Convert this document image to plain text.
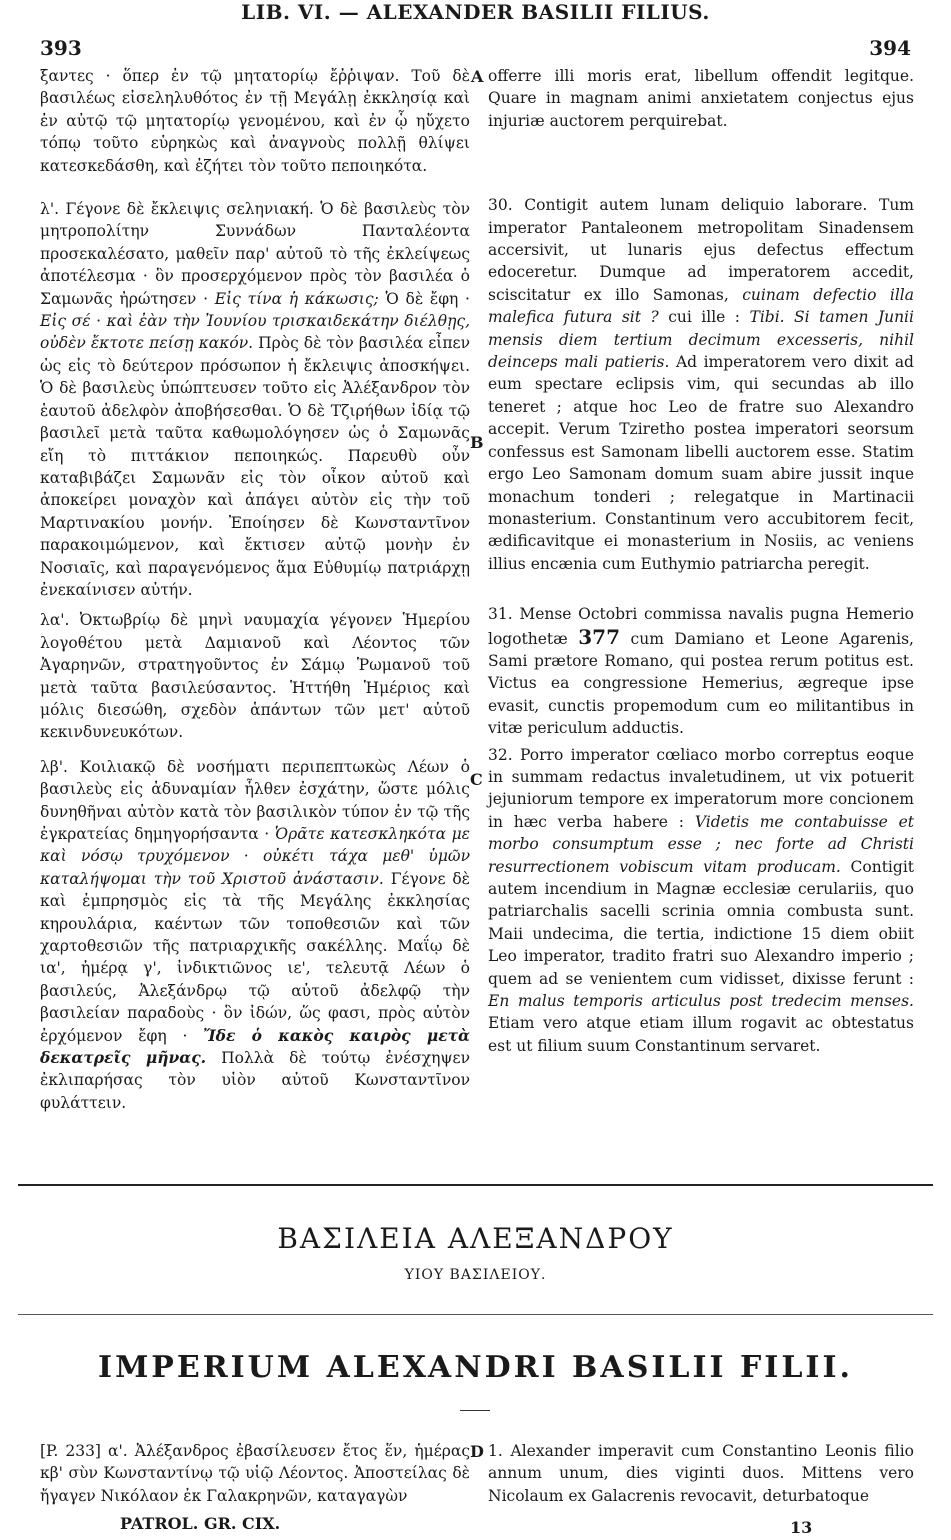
393
LIB. VI. — ALEXANDER BASILII FILIUS.
394

ξαντες · ὅπερ ἐν τῷ μητατορίῳ ἔῤῥιψαν. Τοῦ δὲ βασιλέως εἰσεληλυθότος ἐν τῇ Μεγάλῃ ἐκκλησίᾳ καὶ ἐν αὐτῷ τῷ μητατορίῳ γενομένου, καὶ ἐν ᾧ ηὔχετο τόπῳ τοῦτο εὑρηκὼς καὶ ἀναγνοὺς πολλῇ θλίψει κατεσκεδάσθη, καὶ ἐζήτει τὸν τοῦτο πεποιηκότα.

λ'. Γέγονε δὲ ἔκλειψις σεληνιακή. Ὁ δὲ βασιλεὺς τὸν μητροπολίτην Συννάδων Πανταλέοντα προσεκαλέσατο, μαθεῖν παρ' αὐτοῦ τὸ τῆς ἐκλείψεως ἀποτέλεσμα · ὃν προσερχόμενον πρὸς τὸν βασιλέα ὁ Σαμωνᾶς ἠρώτησεν · Εἰς τίνα ἡ κάκωσις; Ὁ δὲ ἔφη · Εἰς σέ · καὶ ἐὰν τὴν Ἰουνίου τρισκαιδεκάτην διέλθῃς, οὐδὲν ἔκτοτε πείσῃ κακόν. Πρὸς δὲ τὸν βασιλέα εἶπεν ὡς εἰς τὸ δεύτερον πρόσωπον ἡ ἔκλειψις ἀποσκήψει. Ὁ δὲ βασιλεὺς ὑπώπτευσεν τοῦτο εἰς Ἀλέξανδρον τὸν ἑαυτοῦ ἀδελφὸν ἀποβήσεσθαι. Ὁ δὲ Τζιρήθων ἰδίᾳ τῷ βασιλεῖ μετὰ ταῦτα καθωμολόγησεν ὡς ὁ Σαμωνᾶς εἴη τὸ πιττάκιον πεποιηκώς. Παρευθὺ οὖν καταβιβάζει Σαμωνᾶν εἰς τὸν οἶκον αὐτοῦ καὶ ἀποκείρει μοναχὸν καὶ ἀπάγει αὐτὸν εἰς τὴν τοῦ Μαρτινακίου μονήν. Ἐποίησεν δὲ Κωνσταντῖνον παρακοιμώμενον, καὶ ἔκτισεν αὐτῷ μονὴν ἐν Νοσιαῖς, καὶ παραγενόμενος ἅμα Εὐθυμίῳ πατριάρχῃ ἐνεκαίνισεν αὐτήν.

λα'. Ὀκτωβρίῳ δὲ μηνὶ ναυμαχία γέγονεν Ἡμερίου λογοθέτου μετὰ Δαμιανοῦ καὶ Λέοντος τῶν Ἀγαρηνῶν, στρατηγοῦντος ἐν Σάμῳ Ῥωμανοῦ τοῦ μετὰ ταῦτα βασιλεύσαντος. Ἡττήθη Ἡμέριος καὶ μόλις διεσώθη, σχεδὸν ἁπάντων τῶν μετ' αὐτοῦ κεκινδυνευκότων.

λβ'. Κοιλιακῷ δὲ νοσήματι περιπεπτωκὼς Λέων ὁ βασιλεὺς εἰς ἀδυναμίαν ἦλθεν ἐσχάτην, ὥστε μόλις δυνηθῆναι αὐτὸν κατὰ τὸν βασιλικὸν τύπον ἐν τῷ τῆς ἐγκρατείας δημηγορήσαντα · Ὁρᾶτε κατεσκληκότα με καὶ νόσῳ τρυχόμενον · οὐκέτι τάχα μεθ' ὑμῶν καταλήψομαι τὴν τοῦ Χριστοῦ ἀνάστασιν. Γέγονε δὲ καὶ ἐμπρησμὸς εἰς τὰ τῆς Μεγάλης ἐκκλησίας κηρουλάρια, καέντων τῶν τοποθεσιῶν καὶ τῶν χαρτοθεσιῶν τῆς πατριαρχικῆς σακέλλης. Μαΐῳ δὲ ια', ἡμέρᾳ γ', ἰνδικτιῶνος ιε', τελευτᾷ Λέων ὁ βασιλεύς, Ἀλεξάνδρῳ τῷ αὐτοῦ ἀδελφῷ τὴν βασιλείαν παραδοὺς · ὃν ἰδών, ὥς φασι, πρὸς αὐτὸν ἐρχόμενον ἔφη · Ἴδε ὁ κακὸς καιρὸς μετὰ δεκατρεῖς μῆνας. Πολλὰ δὲ τούτῳ ἐνέσχηψεν ἐκλιπαρήσας τὸν υἱὸν αὐτοῦ Κωνσταντῖνον φυλάττειν.

A
B
C
D

offerre illi moris erat, libellum offendit legitque. Quare in magnam animi anxietatem conjectus ejus injuriæ auctorem perquirebat.

30. Contigit autem lunam deliquio laborare. Tum imperator Pantaleonem metropolitam Sinadensem accersivit, ut lunaris ejus defectus effectum edoceretur. Dumque ad imperatorem accedit, sciscitatur ex illo Samonas, cuinam defectio illa malefica futura sit ? cui ille : Tibi. Si tamen Junii mensis diem tertium decimum excesseris, nihil deinceps mali patieris. Ad imperatorem vero dixit ad eum spectare eclipsis vim, qui secundas ab illo teneret ; atque hoc Leo de fratre suo Alexandro accepit. Verum Tziretho postea imperatori seorsum confessus est Samonam libelli auctorem esse. Statim ergo Leo Samonam domum suam abire jussit inque monachum tonderi ; relegatque in Martinacii monasterium. Constantinum vero accubitorem fecit, ædificavitque ei monasterium in Nosiis, ac veniens illius encænia cum Euthymio patriarcha peregit.

31. Mense Octobri commissa navalis pugna Hemerio logothetæ 377 cum Damiano et Leone Agarenis, Sami prætore Romano, qui postea rerum potitus est. Victus ea congressione Hemerius, ægreque ipse evasit, cunctis propemodum cum eo militantibus in vitæ periculum adductis.

32. Porro imperator cœliaco morbo correptus eoque in summam redactus invaletudinem, ut vix potuerit jejuniorum tempore ex imperatorum more concionem in hæc verba habere : Videtis me contabuisse et morbo consumptum esse ; nec forte ad Christi resurrectionem vobiscum vitam producam. Contigit autem incendium in Magnæ ecclesiæ cerulariis, quo patriarchalis sacelli scrinia omnia combusta sunt. Maii undecima, die tertia, indictione 15 diem obiit Leo imperator, tradito fratri suo Alexandro imperio ; quem ad se venientem cum vidisset, dixisse ferunt : En malus temporis articulus post tredecim menses. Etiam vero atque etiam illum rogavit ac obtestatus est ut filium suum Constantinum servaret.

ΒΑΣΙΛΕΙΑ ΑΛΕΞΑΝΔΡΟΥ
ΥΙΟΥ ΒΑΣΙΛΕΙΟΥ.
IMPERIUM ALEXANDRI BASILII FILII.
[P. 233] α'. Ἀλέξανδρος ἐβασίλευσεν ἔτος ἕν, ἡμέρας κβ' σὺν Κωνσταντίνῳ τῷ υἱῷ Λέοντος. Ἀποστείλας δὲ ἤγαγεν Νικόλαον ἐκ Γαλακρηνῶν, καταγαγὼν
1. Alexander imperavit cum Constantino Leonis filio annum unum, dies viginti duos. Mittens vero Nicolaum ex Galacrenis revocavit, deturbatoque
PATROL. GR. CIX.	13
